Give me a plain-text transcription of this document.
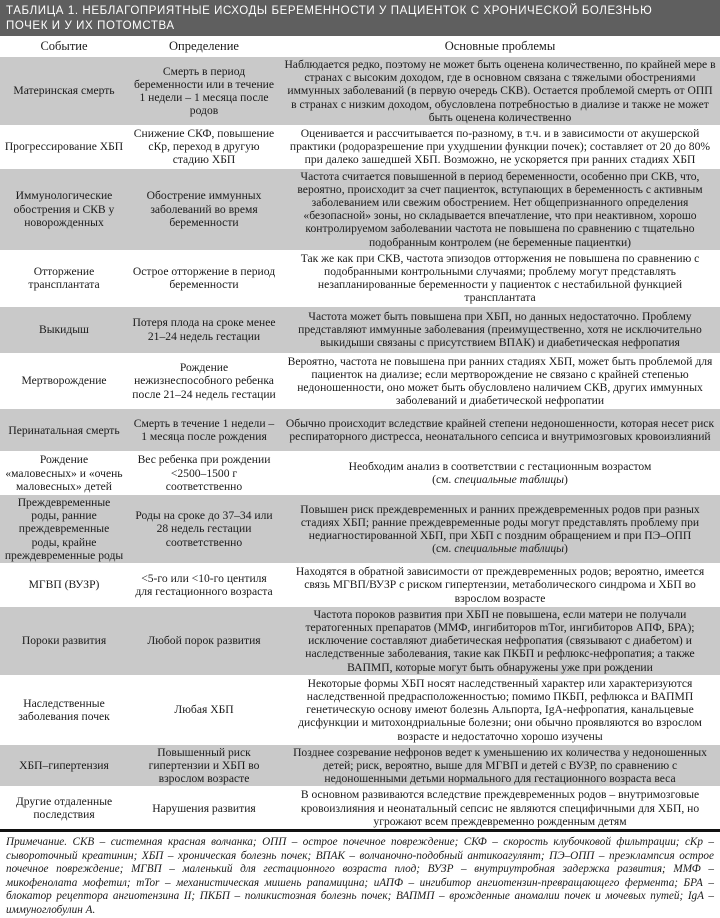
ТАБЛИЦА 1. НЕБЛАГОПРИЯТНЫЕ ИСХОДЫ БЕРЕМЕННОСТИ У ПАЦИЕНТОК С ХРОНИЧЕСКОЙ БОЛЕЗНЬЮ
ПОЧЕК И У ИХ ПОТОМСТВА
Событие	Определение	Основные проблемы
Материнская смерть	Смерть в период беременности или в течение 1 недели – 1 месяца после родов	Наблюдается редко, поэтому не может быть оценена количественно, по крайней мере в странах с высоким доходом, где в основном связана с тяжелыми обострениями иммунных заболеваний (в первую очередь СКВ). Остается проблемой смерть от ОПП в странах с низким доходом, обусловлена потребностью в диализе и также не может быть оценена количественно
Прогрессирование ХБП	Снижение СКФ, повышение сКр, переход в другую стадию ХБП	Оценивается и рассчитывается по-разному, в т.ч. и в зависимости от акушерской практики (родоразрешение при ухудшении функции почек); составляет от 20 до 80% при далеко зашедшей ХБП. Возможно, не ускоряется при ранних стадиях ХБП
Иммунологические обострения и СКВ у новорожденных	Обострение иммунных заболеваний во время беременности	Частота считается повышенной в период беременности, особенно при СКВ, что, вероятно, происходит за счет пациенток, вступающих в беременность с активным заболеванием или свежим обострением. Нет общепризнанного определения «безопасной» зоны, но складывается впечатление, что при неактивном, хорошо контролируемом заболевании частота не повышена по сравнению с тщательно подобранным контролем (не беременные пациентки)
Отторжение трансплантата	Острое отторжение в период беременности	Так же как при СКВ, частота эпизодов отторжения не повышена по сравнению с подобранными контрольными случаями; проблему могут представлять незапланированные беременности у пациенток с нестабильной функцией трансплантата
Выкидыш	Потеря плода на сроке менее 21–24 недель гестации	Частота может быть повышена при ХБП, но данных недостаточно. Проблему представляют иммунные заболевания (преимущественно, хотя не исключительно выкидыши связаны с присутствием ВПАК) и диабетическая нефропатия
Мертворождение	Рождение нежизнеспособного ребенка после 21–24 недель гестации	Вероятно, частота не повышена при ранних стадиях ХБП, может быть проблемой для пациенток на диализе; если мертворождение не связано с крайней степенью недоношенности, оно может быть обусловлено наличием СКВ, других иммунных заболеваний и диабетической нефропатии
Перинатальная смерть	Смерть в течение 1 недели – 1 месяца после рождения	Обычно происходит вследствие крайней степени недоношенности, которая несет риск респираторного дистресса, неонатального сепсиса и внутримозговых кровоизлияний
Рождение «маловесных» и «очень маловесных» детей	Вес ребенка при рождении <2500–1500 г соответственно	Необходим анализ в соответствии с гестационным возрастом
(см. специальные таблицы)
Преждевременные роды, ранние преждевременные роды, крайне преждевременные роды	Роды на сроке до 37–34 или 28 недель гестации соответственно	Повышен риск преждевременных и ранних преждевременных родов при разных стадиях ХБП; ранние преждевременные роды могут представлять проблему при недиагностированной ХБП, при ХБП с поздним обращением и при ПЭ–ОПП
(см. специальные таблицы)
МГВП (ВУЗР)	<5-го или <10-го центиля для гестационного возраста	Находятся в обратной зависимости от преждевременных родов; вероятно, имеется связь МГВП/ВУЗР с риском гипертензии, метаболического синдрома и ХБП во взрослом возрасте
Пороки развития	Любой порок развития	Частота пороков развития при ХБП не повышена, если матери не получали тератогенных препаратов (ММФ, ингибиторов mTor, ингибиторов АПФ, БРА); исключение составляют диабетическая нефропатия (связывают с диабетом) и наследственные заболевания, такие как ПКБП и рефлюкс-нефропатия; а также ВАПМП, которые могут быть обнаружены уже при рождении
Наследственные заболевания почек	Любая ХБП	Некоторые формы ХБП носят наследственный характер или характеризуются наследственной предрасположенностью; помимо ПКБП, рефлюкса и ВАПМП генетическую основу имеют болезнь Альпорта, IgA-нефропатия, канальцевые дисфункции и митохондриальные болезни; они обычно проявляются во взрослом возрасте и недостаточно хорошо изучены
ХБП–гипертензия	Повышенный риск гипертензии и ХБП во взрослом возрасте	Позднее созревание нефронов ведет к уменьшению их количества у недоношенных детей; риск, вероятно, выше для МГВП и детей с ВУЗР, по сравнению с недоношенными детьми нормального для гестационного возраста веса
Другие отдаленные последствия	Нарушения развития	В основном развиваются вследствие преждевременных родов – внутримозговые кровоизлияния и неонатальный сепсис не являются специфичными для ХБП, но угрожают всем преждевременно рожденным детям
Примечание. СКВ – системная красная волчанка; ОПП – острое почечное повреждение; СКФ – скорость клубочковой фильтрации; сКр – сывороточный креатинин; ХБП – хроническая болезнь почек; ВПАК – волчаночно-подобный антикоагулянт; ПЭ–ОПП – преэклампсия острое почечное повреждение; МГВП – маленький для гестационного возраста плод; ВУЗР – внутриутробная задержка развития; ММФ – микофенолата мофетил; mTor – механистическая мишень рапамицина; иАПФ – ингибитор ангиотензин-превращающего фермента; БРА – блокатор рецептора ангиотензина II; ПКБП – поликистозная болезнь почек; ВАПМП – врожденные аномалии почек и мочевых путей; IgA – иммуноглобулин А.
